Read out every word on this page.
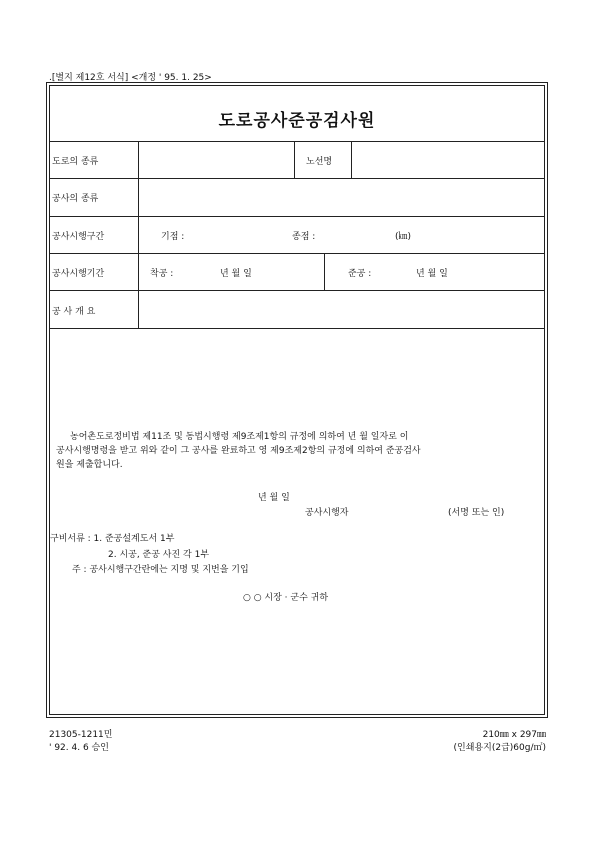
.[별지 제12호 서식] <개정 ' 95. 1. 25>
도로공사준공검사원
도로의 종류	노선명
공사의 종류
공사시행구간	기점 :	종점 :	(㎞)
공사시행기간	착공 :	년 월 일	준공 :	년 월 일
공 사 개 요
농어촌도로정비법 제11조 및 동법시행령 제9조제1항의 규정에 의하여 년 월 일자로 이
공사시행명령을 받고 위와 같이 그 공사를 완료하고 영 제9조제2항의 규정에 의하여 준공검사
원을 제출합니다.
년 월 일
공사시행자	(서명 또는 인)
구비서류 : 1. 준공설계도서 1부
2. 시공, 준공 사진 각 1부
주 : 공사시행구간란에는 지명 및 지번을 기입
○ ○ 시장 · 군수 귀하
21305-1211민
' 92. 4. 6 승인
210㎜ x 297㎜
(인쇄용지(2급)60g/㎡)
